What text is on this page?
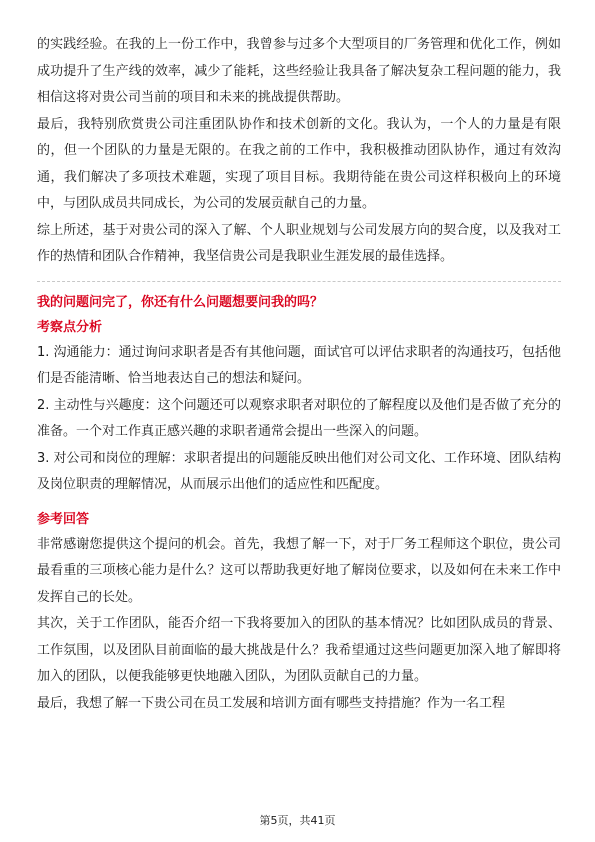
的实践经验。在我的上一份工作中，我曾参与过多个大型项目的厂务管理和优化工作，例如成功提升了生产线的效率，减少了能耗，这些经验让我具备了解决复杂工程问题的能力，我相信这将对贵公司当前的项目和未来的挑战提供帮助。

最后，我特别欣赏贵公司注重团队协作和技术创新的文化。我认为，一个人的力量是有限的，但一个团队的力量是无限的。在我之前的工作中，我积极推动团队协作，通过有效沟通，我们解决了多项技术难题，实现了项目目标。我期待能在贵公司这样积极向上的环境中，与团队成员共同成长，为公司的发展贡献自己的力量。

综上所述，基于对贵公司的深入了解、个人职业规划与公司发展方向的契合度，以及我对工作的热情和团队合作精神，我坚信贵公司是我职业生涯发展的最佳选择。

我的问题问完了，你还有什么问题想要问我的吗？

考察点分析

1. 沟通能力：通过询问求职者是否有其他问题，面试官可以评估求职者的沟通技巧，包括他们是否能清晰、恰当地表达自己的想法和疑问。

2. 主动性与兴趣度：这个问题还可以观察求职者对职位的了解程度以及他们是否做了充分的准备。一个对工作真正感兴趣的求职者通常会提出一些深入的问题。

3. 对公司和岗位的理解：求职者提出的问题能反映出他们对公司文化、工作环境、团队结构及岗位职责的理解情况，从而展示出他们的适应性和匹配度。

参考回答

非常感谢您提供这个提问的机会。首先，我想了解一下，对于厂务工程师这个职位，贵公司最看重的三项核心能力是什么？这可以帮助我更好地了解岗位要求，以及如何在未来工作中发挥自己的长处。

其次，关于工作团队，能否介绍一下我将要加入的团队的基本情况？比如团队成员的背景、工作氛围，以及团队目前面临的最大挑战是什么？我希望通过这些问题更加深入地了解即将加入的团队，以便我能够更快地融入团队，为团队贡献自己的力量。

最后，我想了解一下贵公司在员工发展和培训方面有哪些支持措施？作为一名工程

第5页，共41页
